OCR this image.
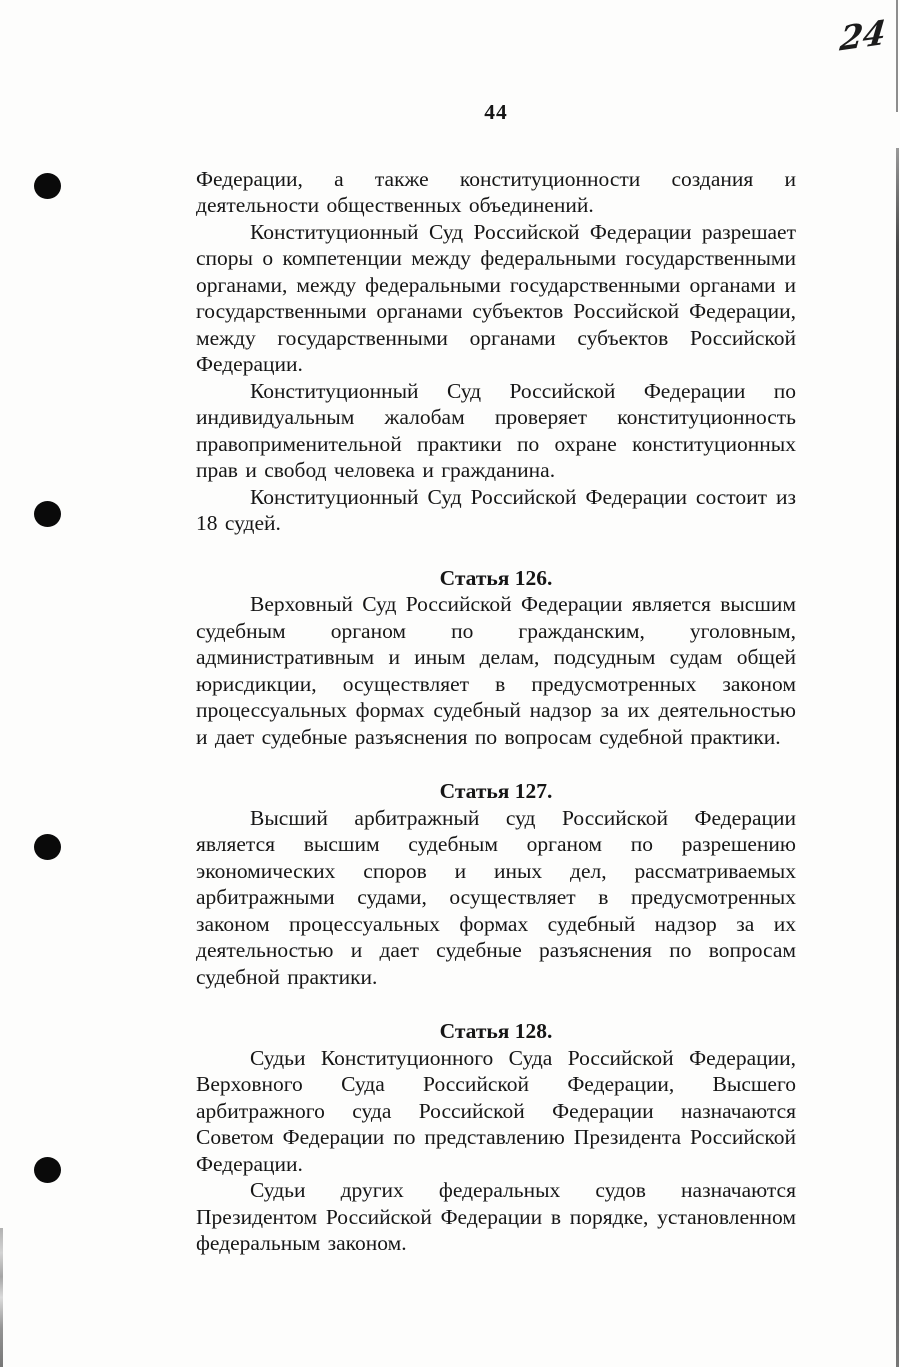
24
44

Федерации, а также конституционности создания и деятельности общественных объединений.

Конституционный Суд Российской Федерации разрешает споры о компетенции между федеральными государственными органами, между федеральными государственными органами и государственными органами субъектов Российской Федерации, между государственными органами субъектов Российской Федерации.

Конституционный Суд Российской Федерации по индивидуальным жалобам проверяет конституционность правоприменительной практики по охране конституционных прав и свобод человека и гражданина.

Конституционный Суд Российской Федерации состоит из 18 судей.

Статья 126.

Верховный Суд Российской Федерации является высшим судебным органом по гражданским, уголовным, административным и иным делам, подсудным судам общей юрисдикции, осуществляет в предусмотренных законом процессуальных формах судебный надзор за их деятельностью и дает судебные разъяснения по вопросам судебной практики.

Статья 127.

Высший арбитражный суд Российской Федерации является высшим судебным органом по разрешению экономических споров и иных дел, рассматриваемых арбитражными судами, осуществляет в предусмотренных законом процессуальных формах судебный надзор за их деятельностью и дает судебные разъяснения по вопросам судебной практики.

Статья 128.

Судьи Конституционного Суда Российской Федерации, Верховного Суда Российской Федерации, Высшего арбитражного суда Российской Федерации назначаются Советом Федерации по представлению Президента Российской Федерации.

Судьи других федеральных судов назначаются Президентом Российской Федерации в порядке, установленном федеральным законом.
